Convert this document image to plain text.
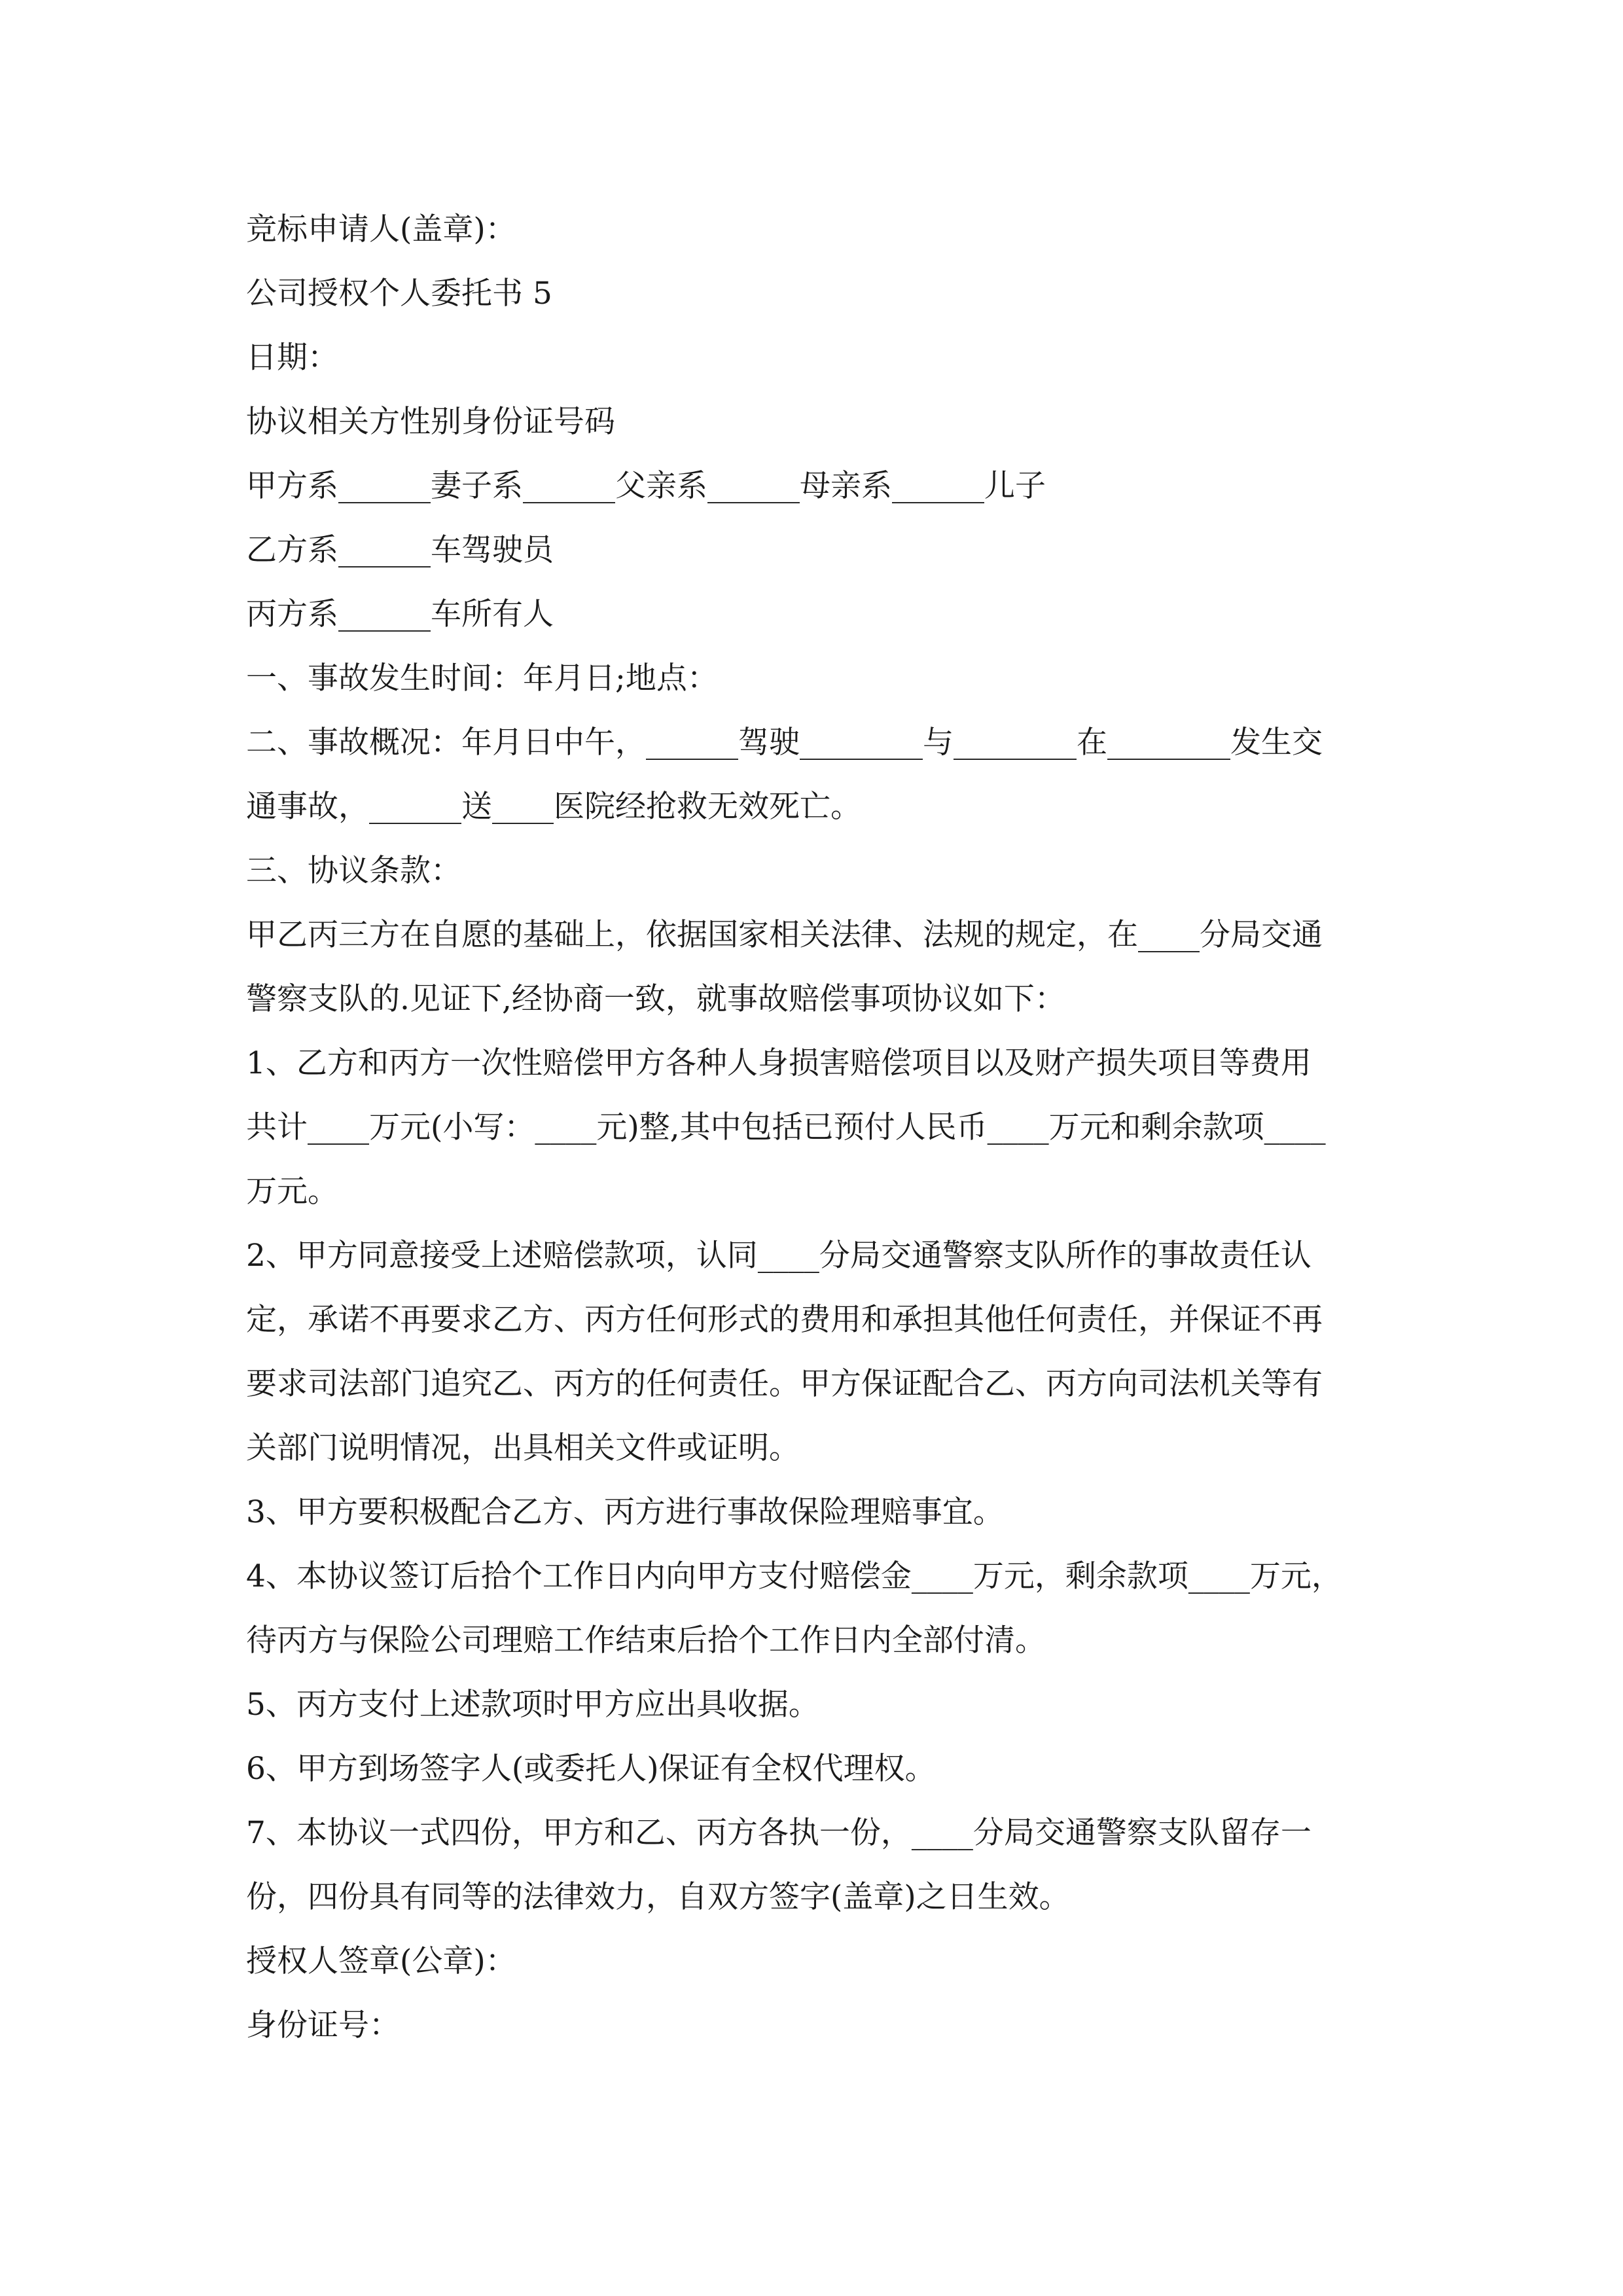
竞标申请人(盖章)：
公司授权个人委托书 5
日期：
协议相关方性别身份证号码
甲方系______妻子系______父亲系______母亲系______儿子
乙方系______车驾驶员
丙方系______车所有人
一、事故发生时间：年月日;地点：
二、事故概况：年月日中午，______驾驶________与________在________发生交
通事故，______送____医院经抢救无效死亡。
三、协议条款：
甲乙丙三方在自愿的基础上，依据国家相关法律、法规的规定，在____分局交通
警察支队的.见证下,经协商一致，就事故赔偿事项协议如下：
1、乙方和丙方一次性赔偿甲方各种人身损害赔偿项目以及财产损失项目等费用
共计____万元(小写：____元)整,其中包括已预付人民币____万元和剩余款项____
万元。
2、甲方同意接受上述赔偿款项，认同____分局交通警察支队所作的事故责任认
定，承诺不再要求乙方、丙方任何形式的费用和承担其他任何责任，并保证不再
要求司法部门追究乙、丙方的任何责任。甲方保证配合乙、丙方向司法机关等有
关部门说明情况，出具相关文件或证明。
3、甲方要积极配合乙方、丙方进行事故保险理赔事宜。
4、本协议签订后拾个工作日内向甲方支付赔偿金____万元，剩余款项____万元，
待丙方与保险公司理赔工作结束后拾个工作日内全部付清。
5、丙方支付上述款项时甲方应出具收据。
6、甲方到场签字人(或委托人)保证有全权代理权。
7、本协议一式四份，甲方和乙、丙方各执一份，____分局交通警察支队留存一
份，四份具有同等的法律效力，自双方签字(盖章)之日生效。
授权人签章(公章)：
身份证号：
